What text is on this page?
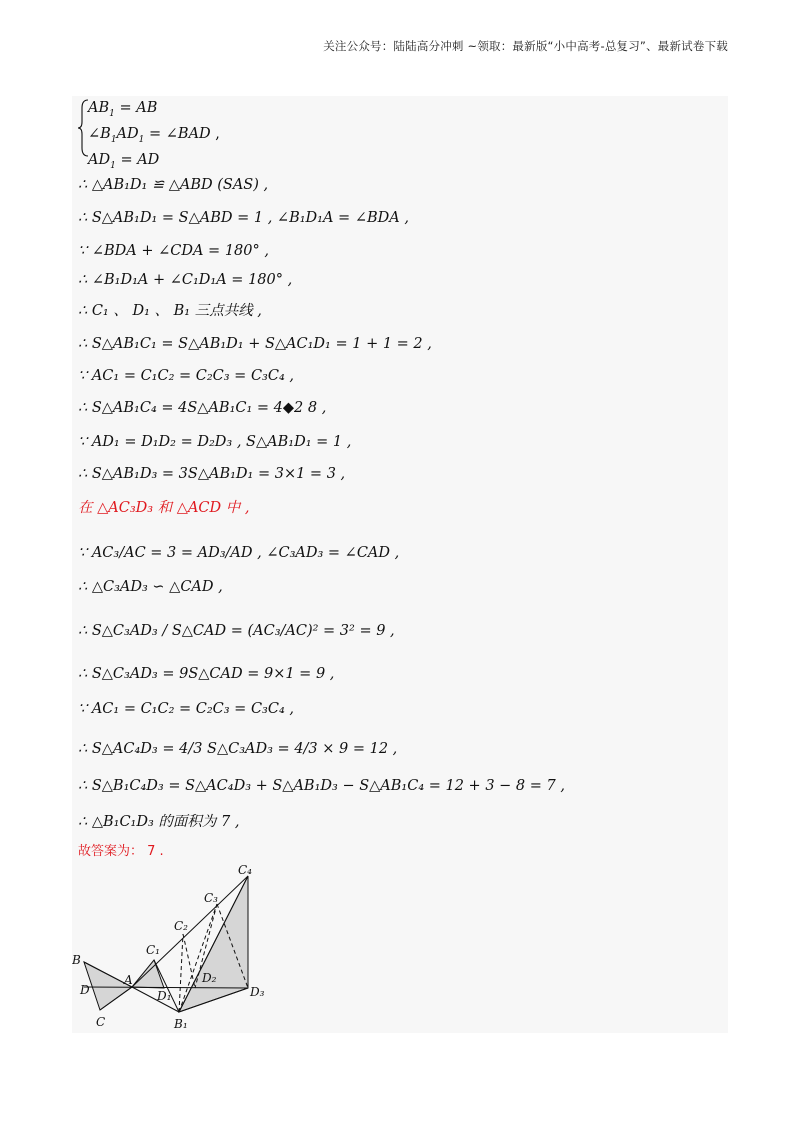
关注公众号：陆陆高分冲刺 ~领取：最新版“小中高考-总复习”、最新试卷下载
$AB_1$ = AB
$\angle B_1AD_1$ = ∠BAD ,
$AD_1$ = AD
∴ △AB₁D₁ ≌ △ABD (SAS) ,
∴ S△AB₁D₁ = S△ABD = 1 , ∠B₁D₁A = ∠BDA ,
∵ ∠BDA + ∠CDA = 180° ,
∴ ∠B₁D₁A + ∠C₁D₁A = 180° ,
∴ C₁ 、 D₁ 、 B₁ 三点共线 ,
∴ S△AB₁C₁ = S△AB₁D₁ + S△AC₁D₁ = 1 + 1 = 2 ,
∵ AC₁ = C₁C₂ = C₂C₃ = C₃C₄ ,
∴ S△AB₁C₄ = 4S△AB₁C₁ = 4◆2 8 ,
∵ AD₁ = D₁D₂ = D₂D₃ , S△AB₁D₁ = 1 ,
∴ S△AB₁D₃ = 3S△AB₁D₁ = 3×1 = 3 ,
在 △AC₃D₃ 和 △ACD 中 ,
∵ AC₃/AC = 3 = AD₃/AD , ∠C₃AD₃ = ∠CAD ,
∴ △C₃AD₃ ∽ △CAD ,
∴ S△C₃AD₃ / S△CAD = (AC₃/AC)² = 3² = 9 ,
∴ S△C₃AD₃ = 9S△CAD = 9×1 = 9 ,
∵ AC₁ = C₁C₂ = C₂C₃ = C₃C₄ ,
∴ S△AC₄D₃ = 4/3 S△C₃AD₃ = 4/3 × 9 = 12 ,
∴ S△B₁C₄D₃ = S△AC₄D₃ + S△AB₁D₃ − S△AB₁C₄ = 12 + 3 − 8 = 7 ,
∴ △B₁C₁D₃ 的面积为 7 ,
故答案为： 7 .
B
D
C
A
C₁
D₁
B₁
C₂
D₂
C₃
C₄
D₃
